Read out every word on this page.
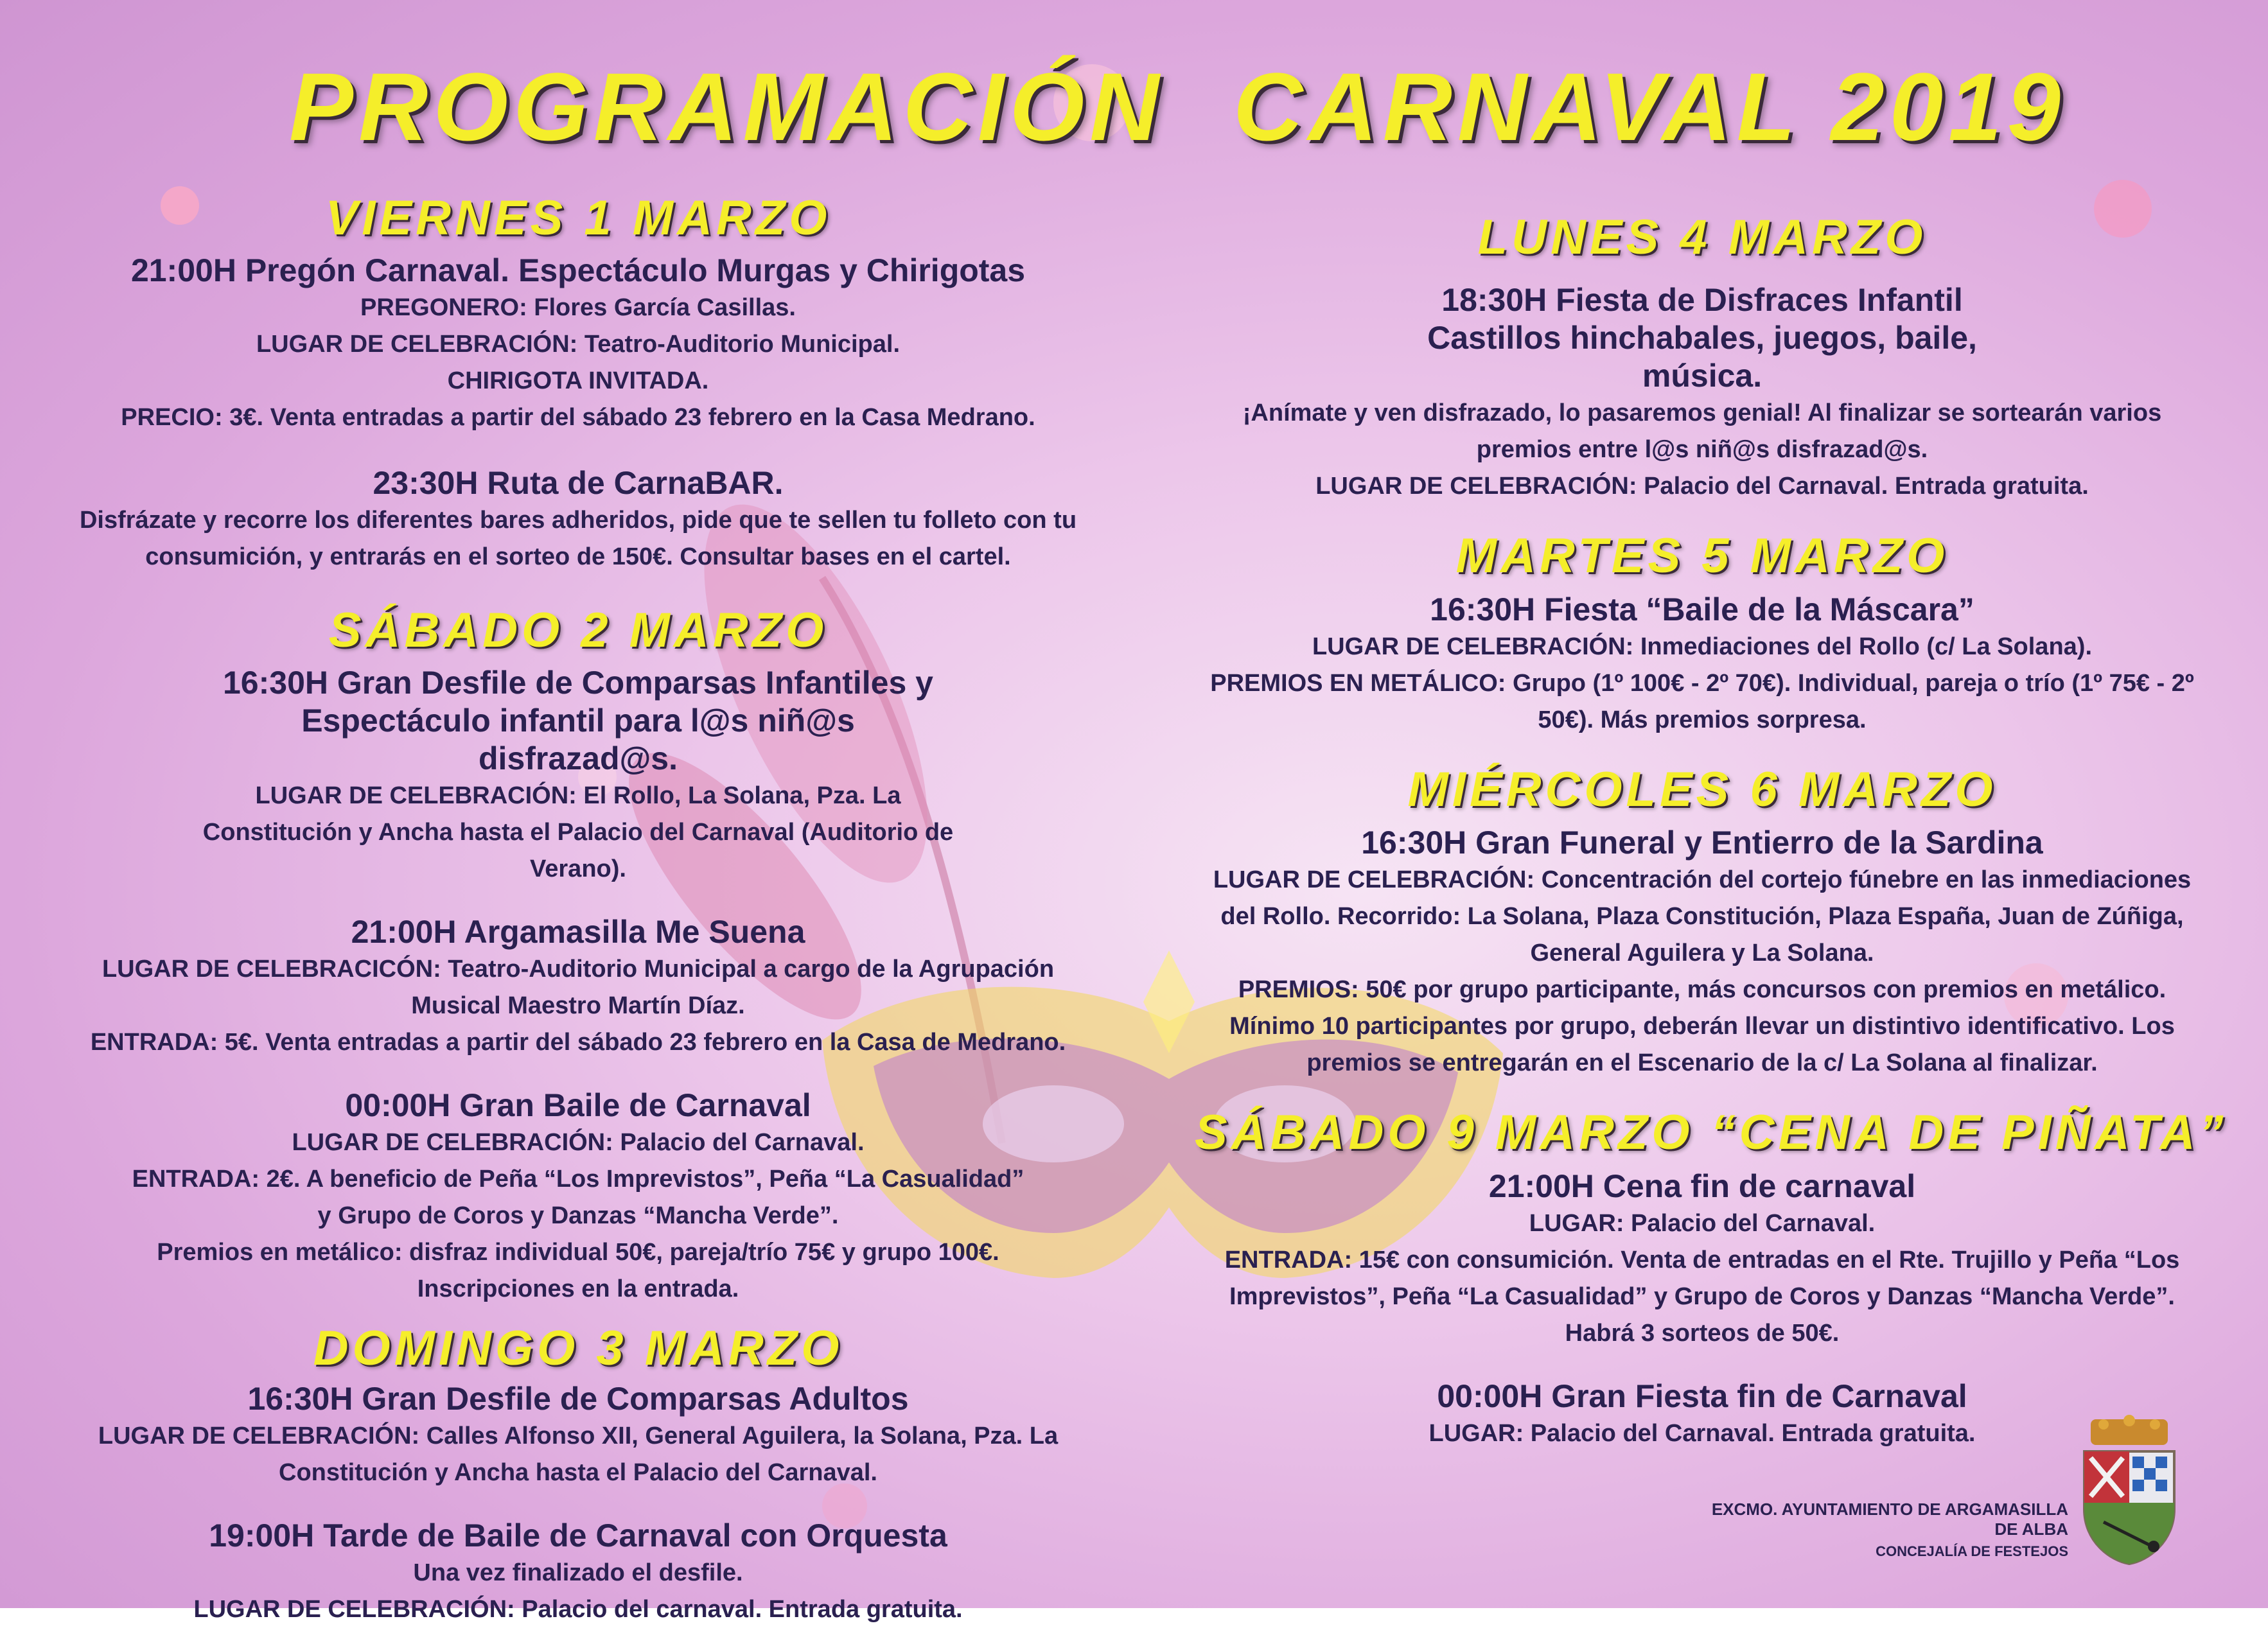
PROGRAMACIÓN CARNAVAL 2019
VIERNES 1 MARZO
21:00H Pregón Carnaval. Espectáculo Murgas y Chirigotas
PREGONERO: Flores García Casillas.
LUGAR DE CELEBRACIÓN: Teatro-Auditorio Municipal.
CHIRIGOTA INVITADA.
PRECIO: 3€. Venta entradas a partir del sábado 23 febrero en la Casa Medrano.
23:30H Ruta de CarnaBAR.
Disfrázate y recorre los diferentes bares adheridos, pide que te sellen tu folleto con tu consumición, y entrarás en el sorteo de 150€. Consultar bases en el cartel.
SÁBADO 2 MARZO
16:30H Gran Desfile de Comparsas Infantiles y Espectáculo infantil para l@s niñ@s disfrazad@s.
LUGAR DE CELEBRACIÓN: El Rollo, La Solana, Pza. La Constitución y Ancha hasta el Palacio del Carnaval (Auditorio de Verano).
21:00H Argamasilla Me Suena
LUGAR DE CELEBRACICÓN: Teatro-Auditorio Municipal a cargo de la Agrupación Musical Maestro Martín Díaz.
ENTRADA: 5€. Venta entradas a partir del sábado 23 febrero en la Casa de Medrano.
00:00H Gran Baile de Carnaval
LUGAR DE CELEBRACIÓN: Palacio del Carnaval.
ENTRADA: 2€. A beneficio de Peña “Los Imprevistos”, Peña “La Casualidad” y Grupo de Coros y Danzas “Mancha Verde”.
Premios en metálico: disfraz individual 50€, pareja/trío 75€ y grupo 100€.
Inscripciones en la entrada.
DOMINGO 3 MARZO
16:30H Gran Desfile de Comparsas Adultos
LUGAR DE CELEBRACIÓN: Calles Alfonso XII, General Aguilera, la Solana, Pza. La Constitución y Ancha hasta el Palacio del Carnaval.
19:00H Tarde de Baile de Carnaval con Orquesta
Una vez finalizado el desfile.
LUGAR DE CELEBRACIÓN: Palacio del carnaval. Entrada gratuita.
LUNES 4 MARZO
18:30H Fiesta de Disfraces Infantil Castillos hinchabales, juegos, baile, música.
¡Anímate y ven disfrazado, lo pasaremos genial! Al finalizar se sortearán varios premios entre l@s niñ@s disfrazad@s.
LUGAR DE CELEBRACIÓN: Palacio del Carnaval. Entrada gratuita.
MARTES 5 MARZO
16:30H Fiesta “Baile de la Máscara”
LUGAR DE CELEBRACIÓN: Inmediaciones del Rollo (c/ La Solana).
PREMIOS EN METÁLICO: Grupo (1º 100€ - 2º 70€). Individual, pareja o trío (1º 75€ - 2º 50€). Más premios sorpresa.
MIÉRCOLES 6 MARZO
16:30H Gran Funeral y Entierro de la Sardina
LUGAR DE CELEBRACIÓN: Concentración del cortejo fúnebre en las inmediaciones del Rollo. Recorrido: La Solana, Plaza Constitución, Plaza España, Juan de Zúñiga, General Aguilera y La Solana.
PREMIOS: 50€ por grupo participante, más concursos con premios en metálico. Mínimo 10 participantes por grupo, deberán llevar un distintivo identificativo. Los premios se entregarán en el Escenario de la c/ La Solana al finalizar.
SÁBADO 9 MARZO “CENA DE PIÑATA”
21:00H Cena fin de carnaval
LUGAR: Palacio del Carnaval.
ENTRADA: 15€ con consumición. Venta de entradas en el Rte. Trujillo y Peña “Los Imprevistos”, Peña “La Casualidad” y Grupo de Coros y Danzas “Mancha Verde”. Habrá 3 sorteos de 50€.
00:00H Gran Fiesta fin de Carnaval
LUGAR: Palacio del Carnaval. Entrada gratuita.
EXCMO. AYUNTAMIENTO DE ARGAMASILLA DE ALBA
CONCEJALÍA DE FESTEJOS
